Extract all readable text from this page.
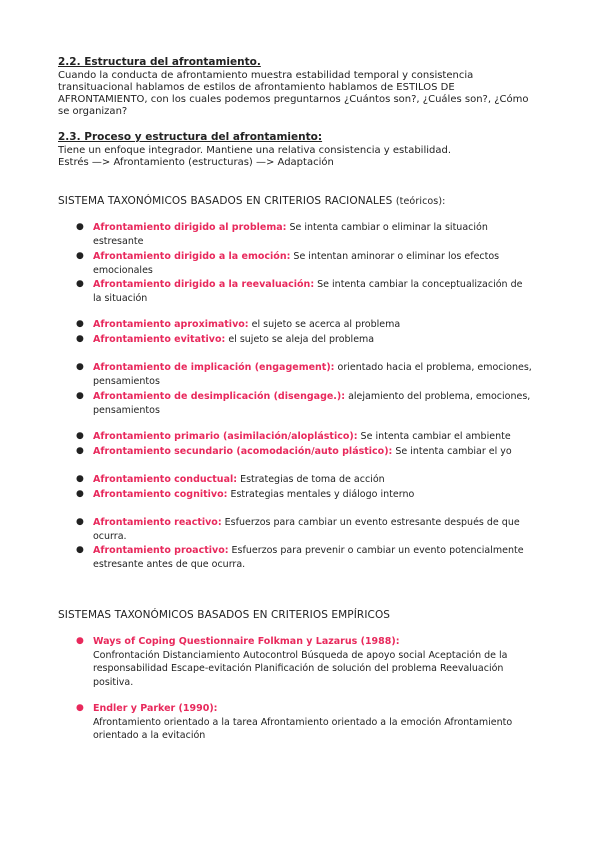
2.2. Estructura del afrontamiento.
Cuando la conducta de afrontamiento muestra estabilidad temporal y consistencia
transituacional hablamos de estilos de afrontamiento hablamos de ESTILOS DE
AFRONTAMIENTO, con los cuales podemos preguntarnos ¿Cuántos son?, ¿Cuáles son?, ¿Cómo
se organizan?
2.3. Proceso y estructura del afrontamiento:
Tiene un enfoque integrador. Mantiene una relativa consistencia y estabilidad.
Estrés —> Afrontamiento (estructuras) —> Adaptación
SISTEMA TAXONÓMICOS BASADOS EN CRITERIOS RACIONALES (teóricos):
● Afrontamiento dirigido al problema: Se intenta cambiar o eliminar la situación
estresante
● Afrontamiento dirigido a la emoción: Se intentan aminorar o eliminar los efectos
emocionales
● Afrontamiento dirigido a la reevaluación: Se intenta cambiar la conceptualización de
la situación
● Afrontamiento aproximativo: el sujeto se acerca al problema
● Afrontamiento evitativo: el sujeto se aleja del problema
● Afrontamiento de implicación (engagement): orientado hacia el problema, emociones,
pensamientos
● Afrontamiento de desimplicación (disengage.): alejamiento del problema, emociones,
pensamientos
● Afrontamiento primario (asimilación/aloplástico): Se intenta cambiar el ambiente
● Afrontamiento secundario (acomodación/auto plástico): Se intenta cambiar el yo
● Afrontamiento conductual: Estrategias de toma de acción
● Afrontamiento cognitivo: Estrategias mentales y diálogo interno
● Afrontamiento reactivo: Esfuerzos para cambiar un evento estresante después de que
ocurra.
● Afrontamiento proactivo: Esfuerzos para prevenir o cambiar un evento potencialmente
estresante antes de que ocurra.
SISTEMAS TAXONÓMICOS BASADOS EN CRITERIOS EMPÍRICOS
● Ways of Coping Questionnaire Folkman y Lazarus (1988):
Confrontación Distanciamiento Autocontrol Búsqueda de apoyo social Aceptación de la
responsabilidad Escape-evitación Planificación de solución del problema Reevaluación
positiva.
● Endler y Parker (1990):
Afrontamiento orientado a la tarea Afrontamiento orientado a la emoción Afrontamiento
orientado a la evitación
